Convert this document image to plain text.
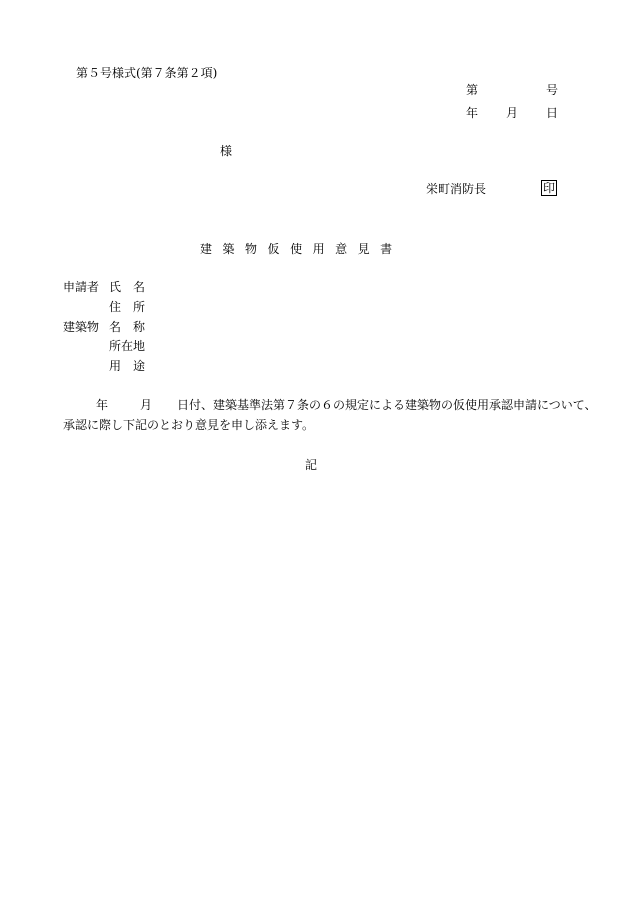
第５号様式(第７条第２項)
第	号
年 月 日
様
栄町消防長	印
建 築 物 仮 使 用 意 見 書
申請者 氏　名
住　所
建築物 名　称
所在地
用　途
年	月 日付、建築基準法第７条の６の規定による建築物の仮使用承認申請について、
承認に際し下記のとおり意見を申し添えます。
記
